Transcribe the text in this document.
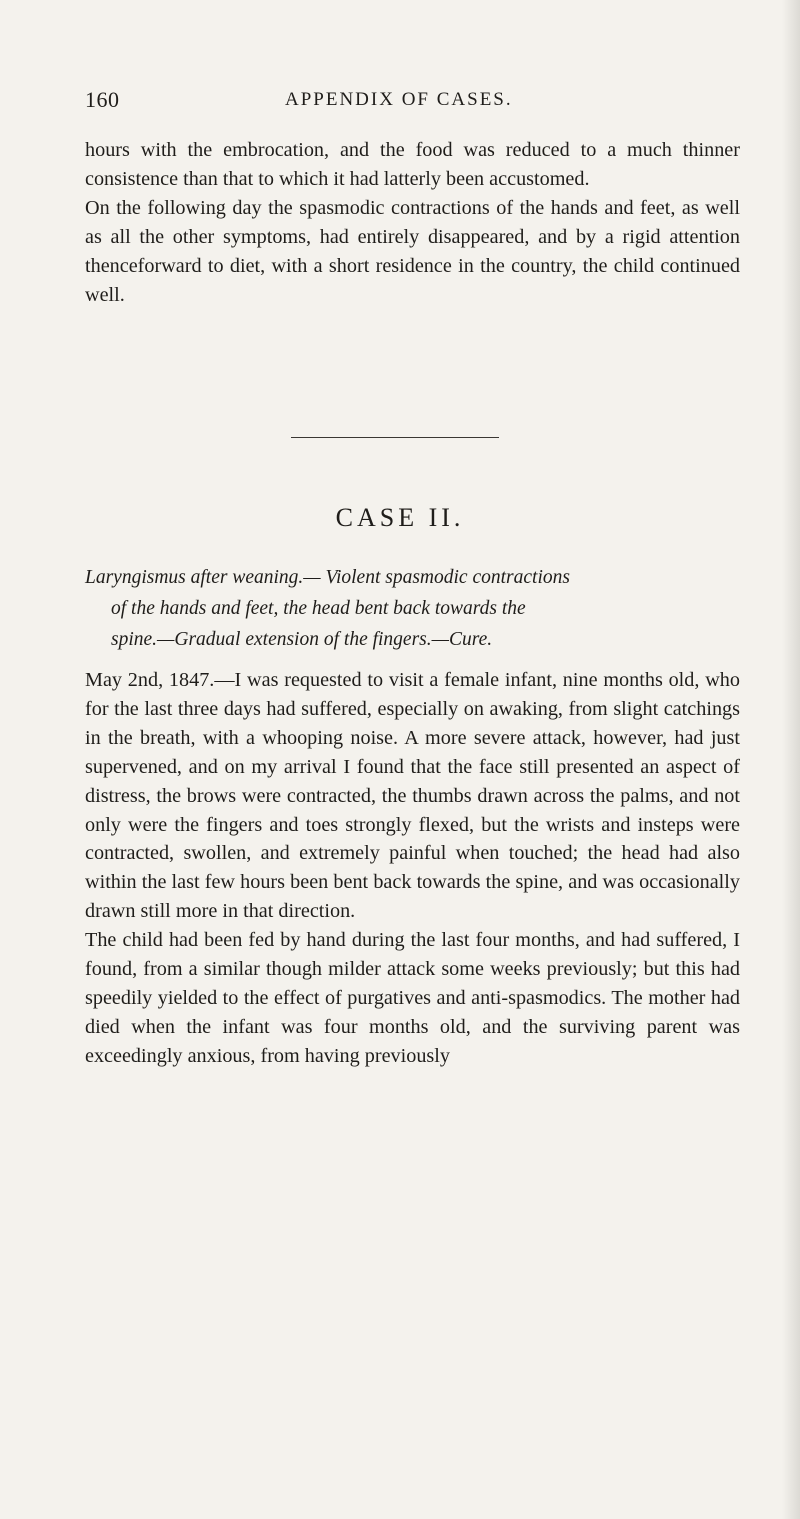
160	APPENDIX OF CASES.

hours with the embrocation, and the food was reduced to a much thinner consistence than that to which it had latterly been accustomed.

On the following day the spasmodic contractions of the hands and feet, as well as all the other symptoms, had entirely disappeared, and by a rigid attention thenceforward to diet, with a short residence in the country, the child continued well.

CASE II.
Laryngismus after weaning.— Violent spasmodic contractions
of the hands and feet, the head bent back towards the
spine.—Gradual extension of the fingers.—Cure.

May 2nd, 1847.—I was requested to visit a female infant, nine months old, who for the last three days had suffered, especially on awaking, from slight catchings in the breath, with a whooping noise. A more severe attack, however, had just supervened, and on my arrival I found that the face still presented an aspect of distress, the brows were contracted, the thumbs drawn across the palms, and not only were the fingers and toes strongly flexed, but the wrists and insteps were contracted, swollen, and extremely painful when touched; the head had also within the last few hours been bent back towards the spine, and was occasionally drawn still more in that direction.

The child had been fed by hand during the last four months, and had suffered, I found, from a similar though milder attack some weeks previously; but this had speedily yielded to the effect of purgatives and anti-spasmodics. The mother had died when the infant was four months old, and the surviving parent was exceedingly anxious, from having previously
